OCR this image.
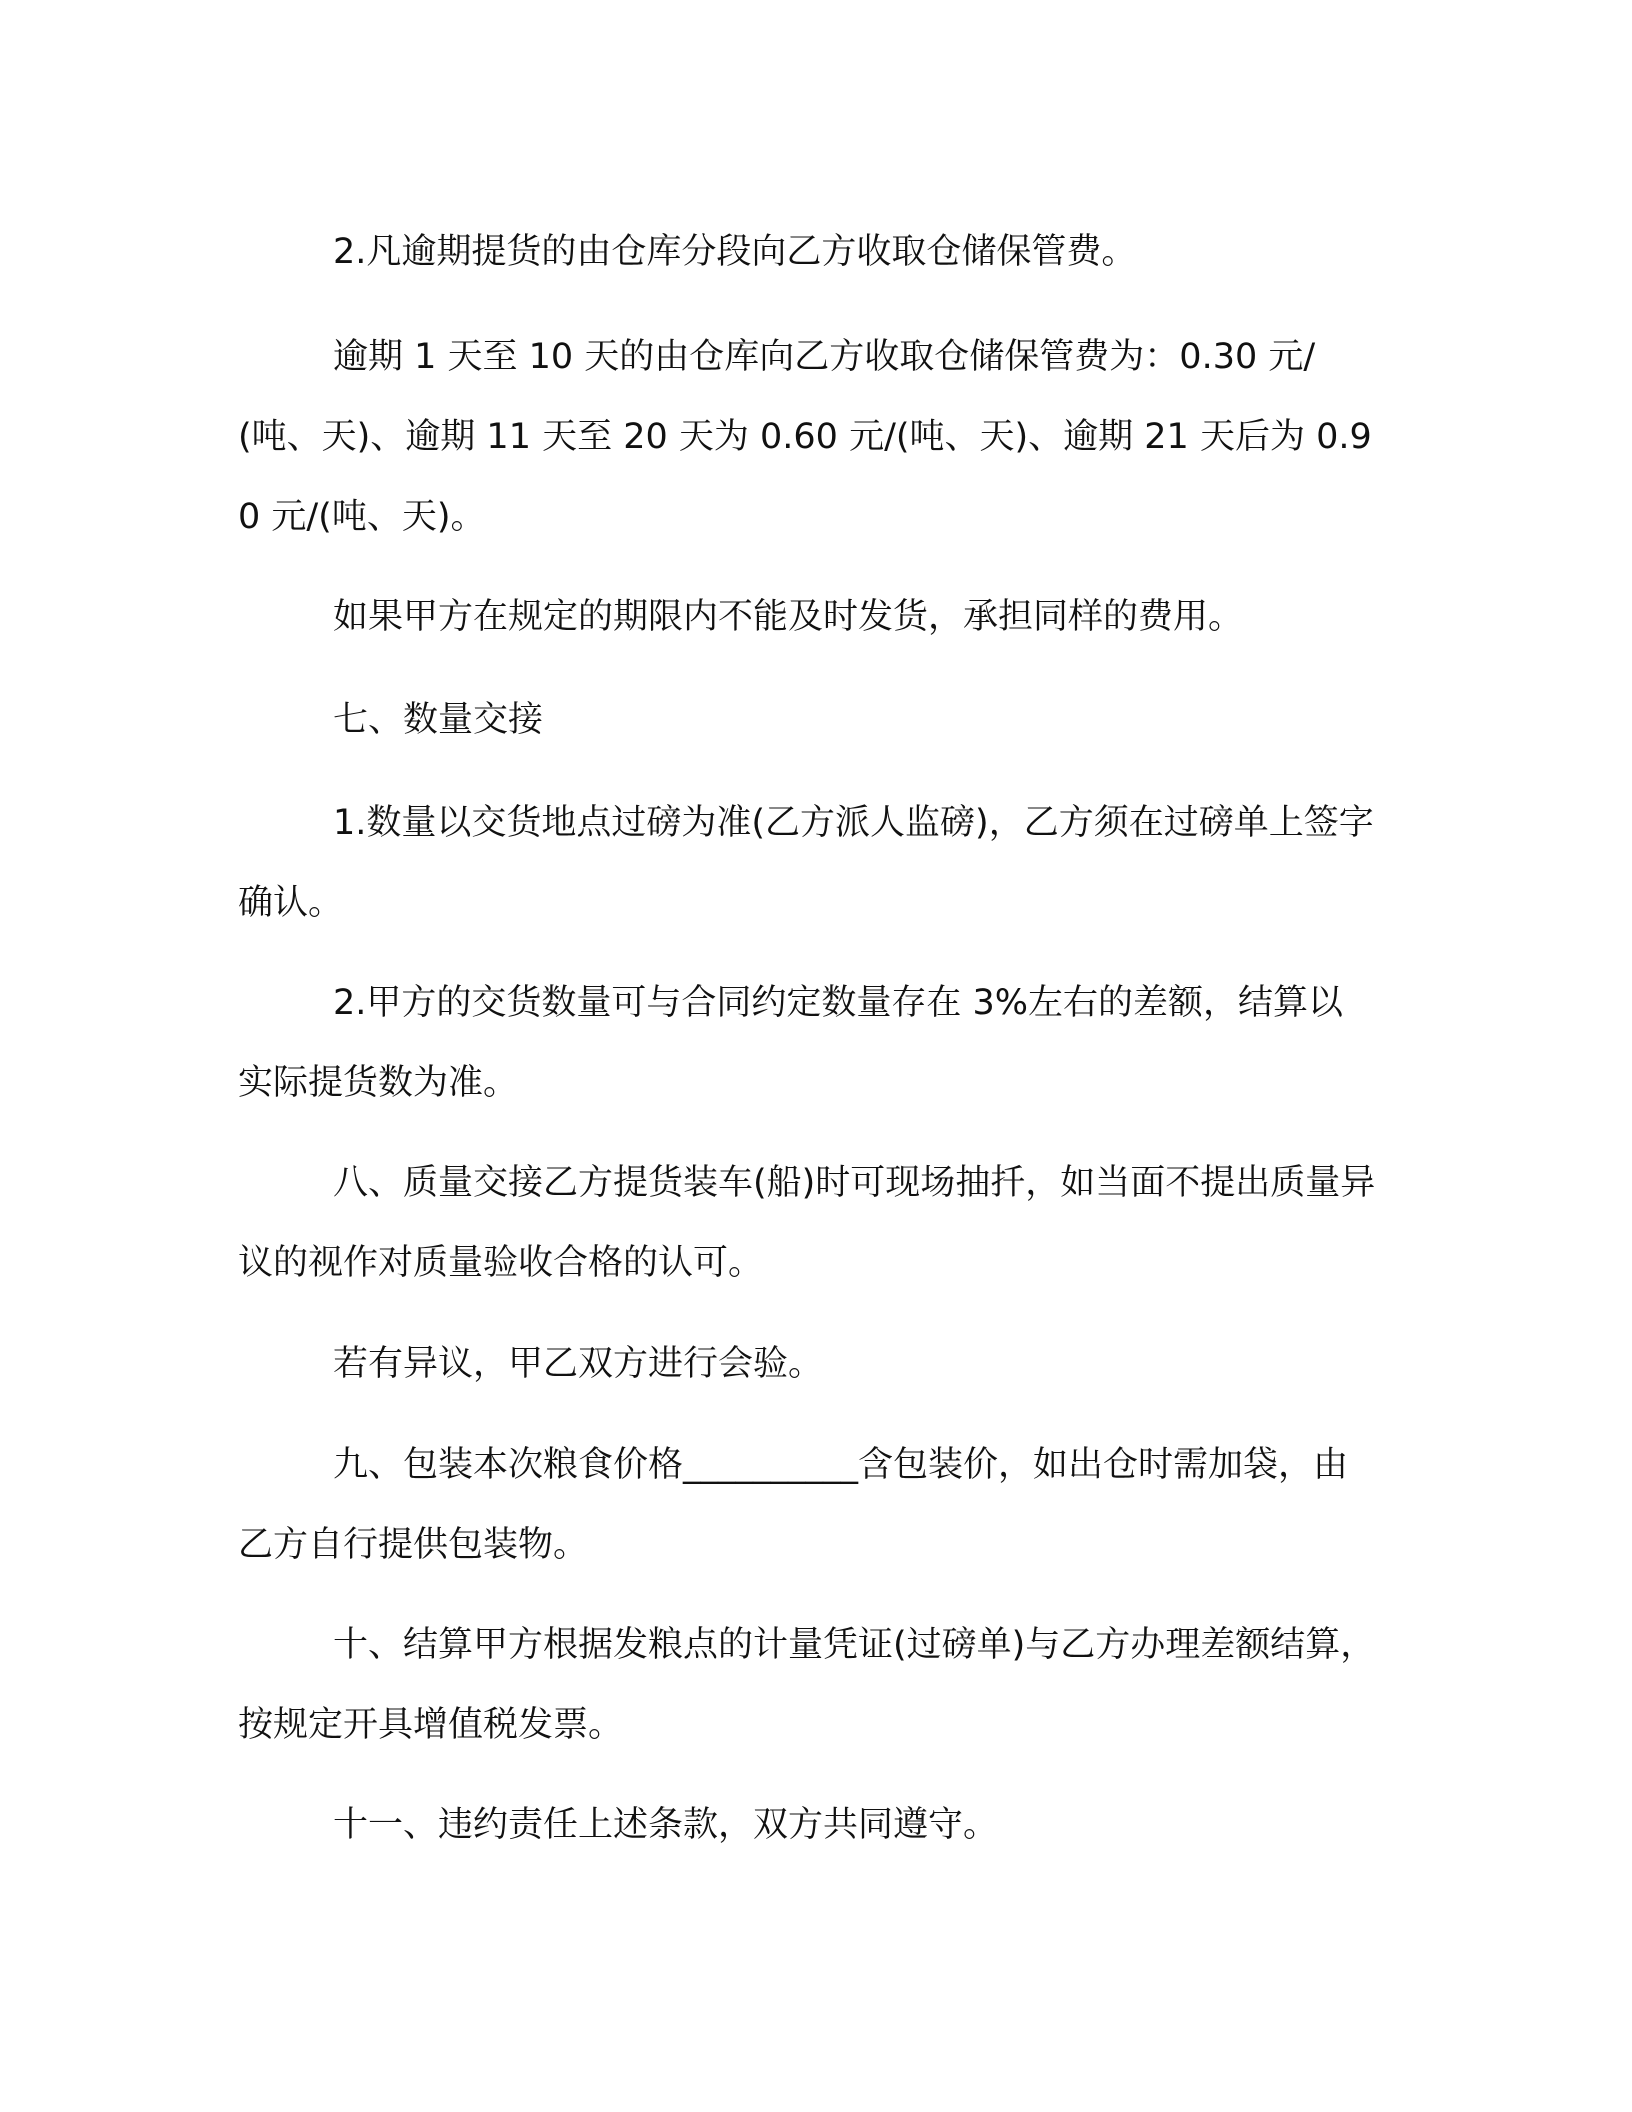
2.凡逾期提货的由仓库分段向乙方收取仓储保管费。

逾期 1 天至 10 天的由仓库向乙方收取仓储保管费为：0.30 元/(吨、天)、逾期 11 天至 20 天为 0.60 元/(吨、天)、逾期 21 天后为 0.90 元/(吨、天)。

如果甲方在规定的期限内不能及时发货，承担同样的费用。

七、数量交接

1.数量以交货地点过磅为准(乙方派人监磅)，乙方须在过磅单上签字确认。

2.甲方的交货数量可与合同约定数量存在 3%左右的差额，结算以实际提货数为准。

八、质量交接乙方提货装车(船)时可现场抽扦，如当面不提出质量异议的视作对质量验收合格的认可。

若有异议，甲乙双方进行会验。

九、包装本次粮食价格__________含包装价，如出仓时需加袋，由乙方自行提供包装物。

十、结算甲方根据发粮点的计量凭证(过磅单)与乙方办理差额结算，按规定开具增值税发票。

十一、违约责任上述条款，双方共同遵守。
